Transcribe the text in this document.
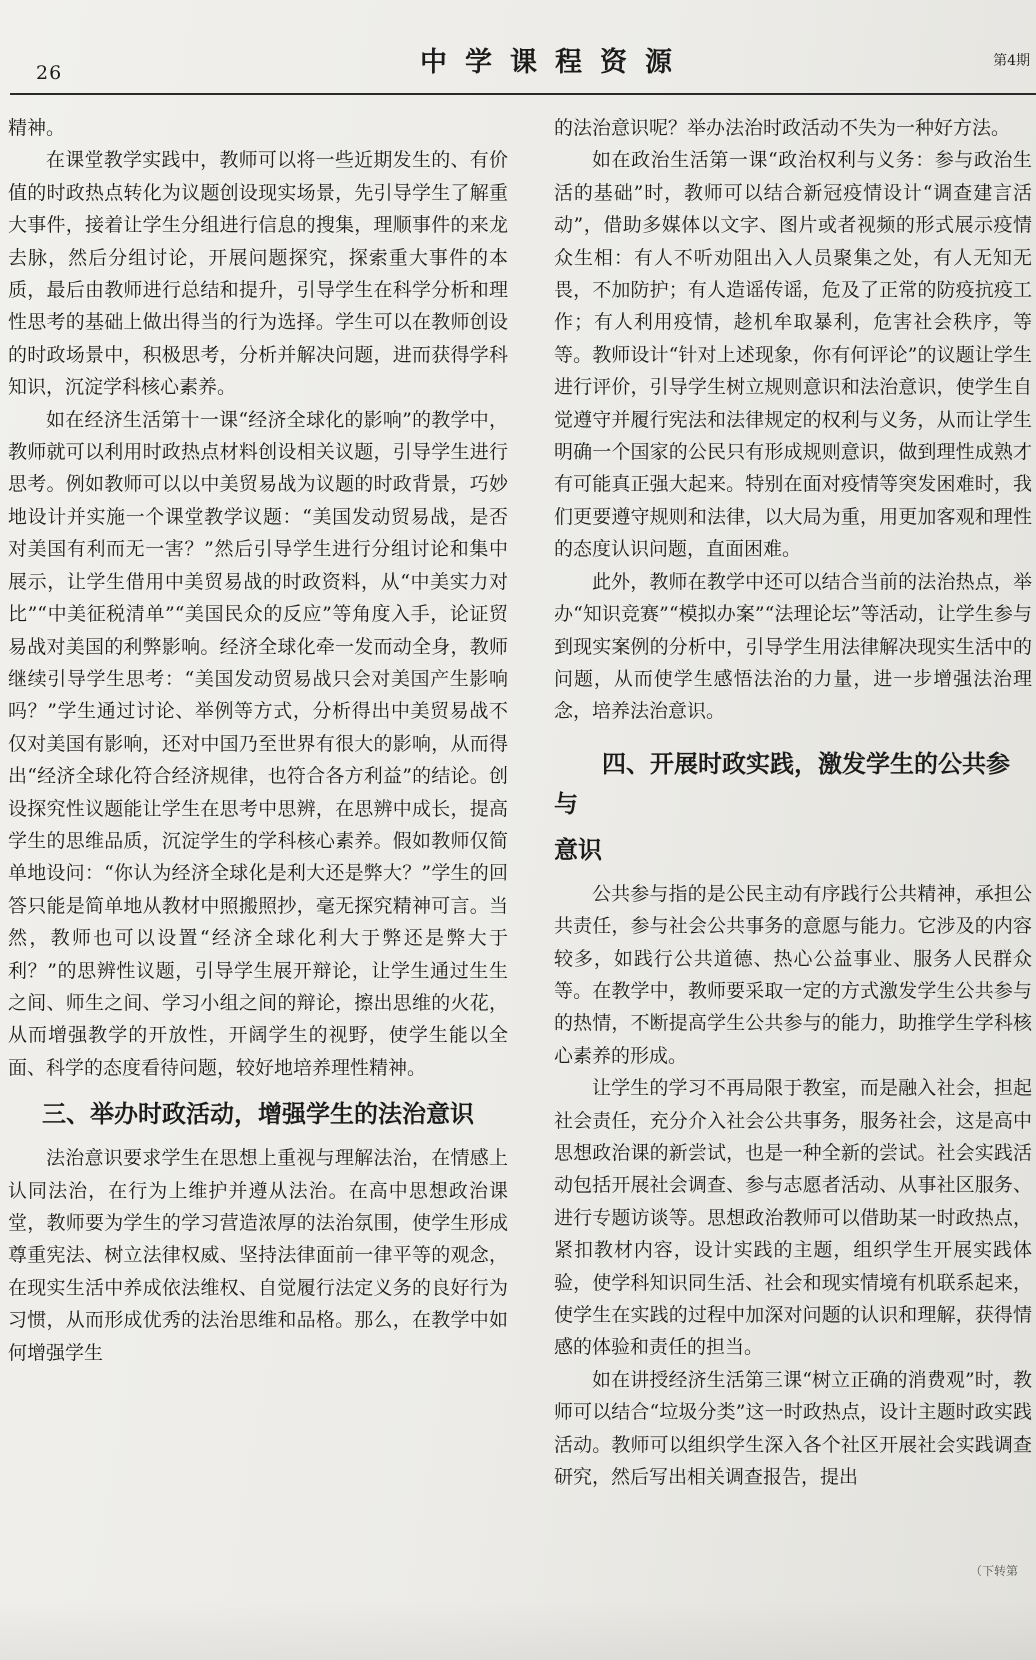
26	中学课程资源	第4期

精神。

在课堂教学实践中，教师可以将一些近期发生的、有价值的时政热点转化为议题创设现实场景，先引导学生了解重大事件，接着让学生分组进行信息的搜集，理顺事件的来龙去脉，然后分组讨论，开展问题探究，探索重大事件的本质，最后由教师进行总结和提升，引导学生在科学分析和理性思考的基础上做出得当的行为选择。学生可以在教师创设的时政场景中，积极思考，分析并解决问题，进而获得学科知识，沉淀学科核心素养。

如在经济生活第十一课“经济全球化的影响”的教学中，教师就可以利用时政热点材料创设相关议题，引导学生进行思考。例如教师可以以中美贸易战为议题的时政背景，巧妙地设计并实施一个课堂教学议题：“美国发动贸易战，是否对美国有利而无一害？”然后引导学生进行分组讨论和集中展示，让学生借用中美贸易战的时政资料，从“中美实力对比”“中美征税清单”“美国民众的反应”等角度入手，论证贸易战对美国的利弊影响。经济全球化牵一发而动全身，教师继续引导学生思考：“美国发动贸易战只会对美国产生影响吗？”学生通过讨论、举例等方式，分析得出中美贸易战不仅对美国有影响，还对中国乃至世界有很大的影响，从而得出“经济全球化符合经济规律，也符合各方利益”的结论。创设探究性议题能让学生在思考中思辨，在思辨中成长，提高学生的思维品质，沉淀学生的学科核心素养。假如教师仅简单地设问：“你认为经济全球化是利大还是弊大？”学生的回答只能是简单地从教材中照搬照抄，毫无探究精神可言。当然，教师也可以设置“经济全球化利大于弊还是弊大于利？”的思辨性议题，引导学生展开辩论，让学生通过生生之间、师生之间、学习小组之间的辩论，擦出思维的火花，从而增强教学的开放性，开阔学生的视野，使学生能以全面、科学的态度看待问题，较好地培养理性精神。

三、举办时政活动，增强学生的法治意识

法治意识要求学生在思想上重视与理解法治，在情感上认同法治，在行为上维护并遵从法治。在高中思想政治课堂，教师要为学生的学习营造浓厚的法治氛围，使学生形成尊重宪法、树立法律权威、坚持法律面前一律平等的观念，在现实生活中养成依法维权、自觉履行法定义务的良好行为习惯，从而形成优秀的法治思维和品格。那么，在教学中如何增强学生

的法治意识呢？举办法治时政活动不失为一种好方法。

如在政治生活第一课“政治权利与义务：参与政治生活的基础”时，教师可以结合新冠疫情设计“调查建言活动”，借助多媒体以文字、图片或者视频的形式展示疫情众生相：有人不听劝阻出入人员聚集之处，有人无知无畏，不加防护；有人造谣传谣，危及了正常的防疫抗疫工作；有人利用疫情，趁机牟取暴利，危害社会秩序，等等。教师设计“针对上述现象，你有何评论”的议题让学生进行评价，引导学生树立规则意识和法治意识，使学生自觉遵守并履行宪法和法律规定的权利与义务，从而让学生明确一个国家的公民只有形成规则意识，做到理性成熟才有可能真正强大起来。特别在面对疫情等突发困难时，我们更要遵守规则和法律，以大局为重，用更加客观和理性的态度认识问题，直面困难。

此外，教师在教学中还可以结合当前的法治热点，举办“知识竞赛”“模拟办案”“法理论坛”等活动，让学生参与到现实案例的分析中，引导学生用法律解决现实生活中的问题，从而使学生感悟法治的力量，进一步增强法治理念，培养法治意识。

四、开展时政实践，激发学生的公共参与
意识

公共参与指的是公民主动有序践行公共精神，承担公共责任，参与社会公共事务的意愿与能力。它涉及的内容较多，如践行公共道德、热心公益事业、服务人民群众等。在教学中，教师要采取一定的方式激发学生公共参与的热情，不断提高学生公共参与的能力，助推学生学科核心素养的形成。

让学生的学习不再局限于教室，而是融入社会，担起社会责任，充分介入社会公共事务，服务社会，这是高中思想政治课的新尝试，也是一种全新的尝试。社会实践活动包括开展社会调查、参与志愿者活动、从事社区服务、进行专题访谈等。思想政治教师可以借助某一时政热点，紧扣教材内容，设计实践的主题，组织学生开展实践体验，使学科知识同生活、社会和现实情境有机联系起来，使学生在实践的过程中加深对问题的认识和理解，获得情感的体验和责任的担当。

如在讲授经济生活第三课“树立正确的消费观”时，教师可以结合“垃圾分类”这一时政热点，设计主题时政实践活动。教师可以组织学生深入各个社区开展社会实践调查研究，然后写出相关调查报告，提出

（下转第
